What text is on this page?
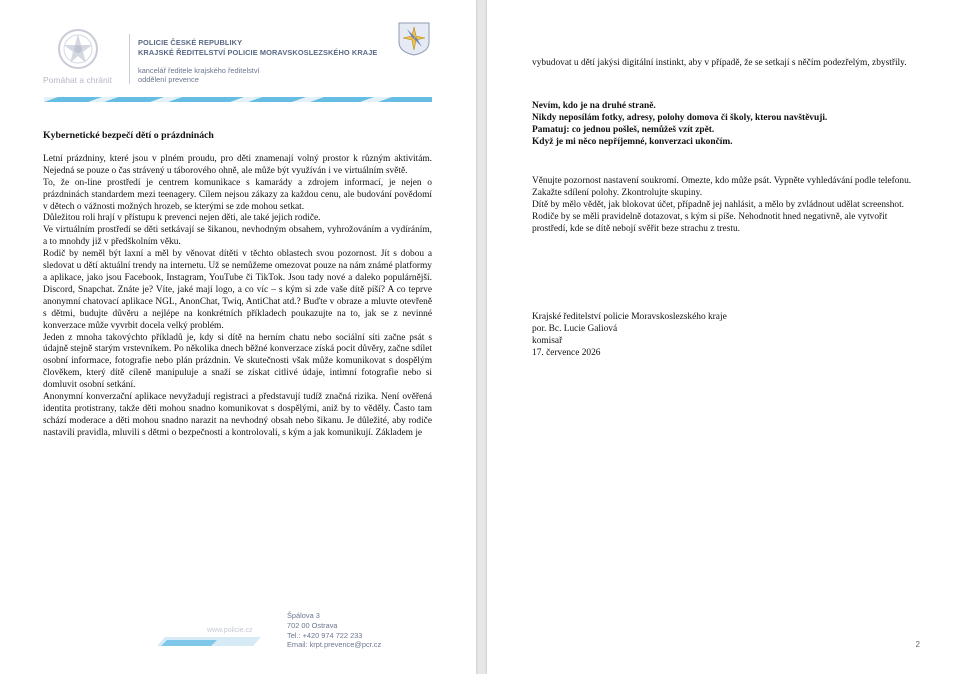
Pomáhat a chránit
POLICIE ČESKÉ REPUBLIKY
KRAJSKÉ ŘEDITELSTVÍ POLICIE MORAVSKOSLEZSKÉHO KRAJE
kancelář ředitele krajského ředitelství
oddělení prevence
Kybernetické bezpečí dětí o prázdninách

Letní prázdniny, které jsou v plném proudu, pro děti znamenají volný prostor k různým aktivitám. Nejedná se pouze o čas strávený u táborového ohně, ale může být využíván i ve virtuálním světě.

To, že on-line prostředí je centrem komunikace s kamarády a zdrojem informací, je nejen o prázdninách standardem mezi teenagery. Cílem nejsou zákazy za každou cenu, ale budování povědomí v dětech o vážnosti možných hrozeb, se kterými se zde mohou setkat.

Důležitou roli hrají v přístupu k prevenci nejen děti, ale také jejich rodiče.

Ve virtuálním prostředí se děti setkávají se šikanou, nevhodným obsahem, vyhrožováním a vydíráním, a to mnohdy již v předškolním věku.

Rodič by neměl být laxní a měl by věnovat dítěti v těchto oblastech svou pozornost. Jít s dobou a sledovat u dětí aktuální trendy na internetu. Už se nemůžeme omezovat pouze na nám známé platformy a aplikace, jako jsou Facebook, Instagram, YouTube či TikTok. Jsou tady nové a daleko populárnější. Discord, Snapchat. Znáte je? Víte, jaké mají logo, a co víc – s kým si zde vaše dítě píší? A co teprve anonymní chatovací aplikace NGL, AnonChat, Twiq, AntiChat atd.? Buďte v obraze a mluvte otevřeně s dětmi, budujte důvěru a nejlépe na konkrétních příkladech poukazujte na to, jak se z nevinné konverzace může vyvrbit docela velký problém.

Jeden z mnoha takovýchto příkladů je, kdy si dítě na herním chatu nebo sociální síti začne psát s údajně stejně starým vrstevníkem. Po několika dnech běžné konverzace získá pocit důvěry, začne sdílet osobní informace, fotografie nebo plán prázdnin. Ve skutečnosti však může komunikovat s dospělým člověkem, který dítě cíleně manipuluje a snaží se získat citlivé údaje, intimní fotografie nebo si domluvit osobní setkání.

Anonymní konverzační aplikace nevyžadují registraci a představují tudíž značná rizika. Není ověřená identita protistrany, takže děti mohou snadno komunikovat s dospělými, aniž by to věděly. Často tam schází moderace a děti mohou snadno narazit na nevhodný obsah nebo šikanu. Je důležité, aby rodiče nastavili pravidla, mluvili s dětmi o bezpečnosti a kontrolovali, s kým a jak komunikují. Základem je

www.policie.cz
Špálova 3
702 00 Ostrava
Tel.: +420 974 722 233
Email: krpt.prevence@pcr.cz

vybudovat u dětí jakýsi digitální instinkt, aby v případě, že se setkají s něčím podezřelým, zbystřily.

Nevím, kdo je na druhé straně.

Nikdy neposílám fotky, adresy, polohy domova či školy, kterou navštěvuji.

Pamatuj: co jednou pošleš, nemůžeš vzít zpět.

Když je mi něco nepříjemné, konverzaci ukončím.

Věnujte pozornost nastavení soukromí. Omezte, kdo může psát. Vypněte vyhledávání podle telefonu. Zakažte sdílení polohy. Zkontrolujte skupiny.

Dítě by mělo vědět, jak blokovat účet, případně jej nahlásit, a mělo by zvládnout udělat screenshot.

Rodiče by se měli pravidelně dotazovat, s kým si píše. Nehodnotit hned negativně, ale vytvořit prostředí, kde se dítě nebojí svěřit beze strachu z trestu.

Krajské ředitelství policie Moravskoslezského kraje
por. Bc. Lucie Galiová
komisař
17. července 2026
2
